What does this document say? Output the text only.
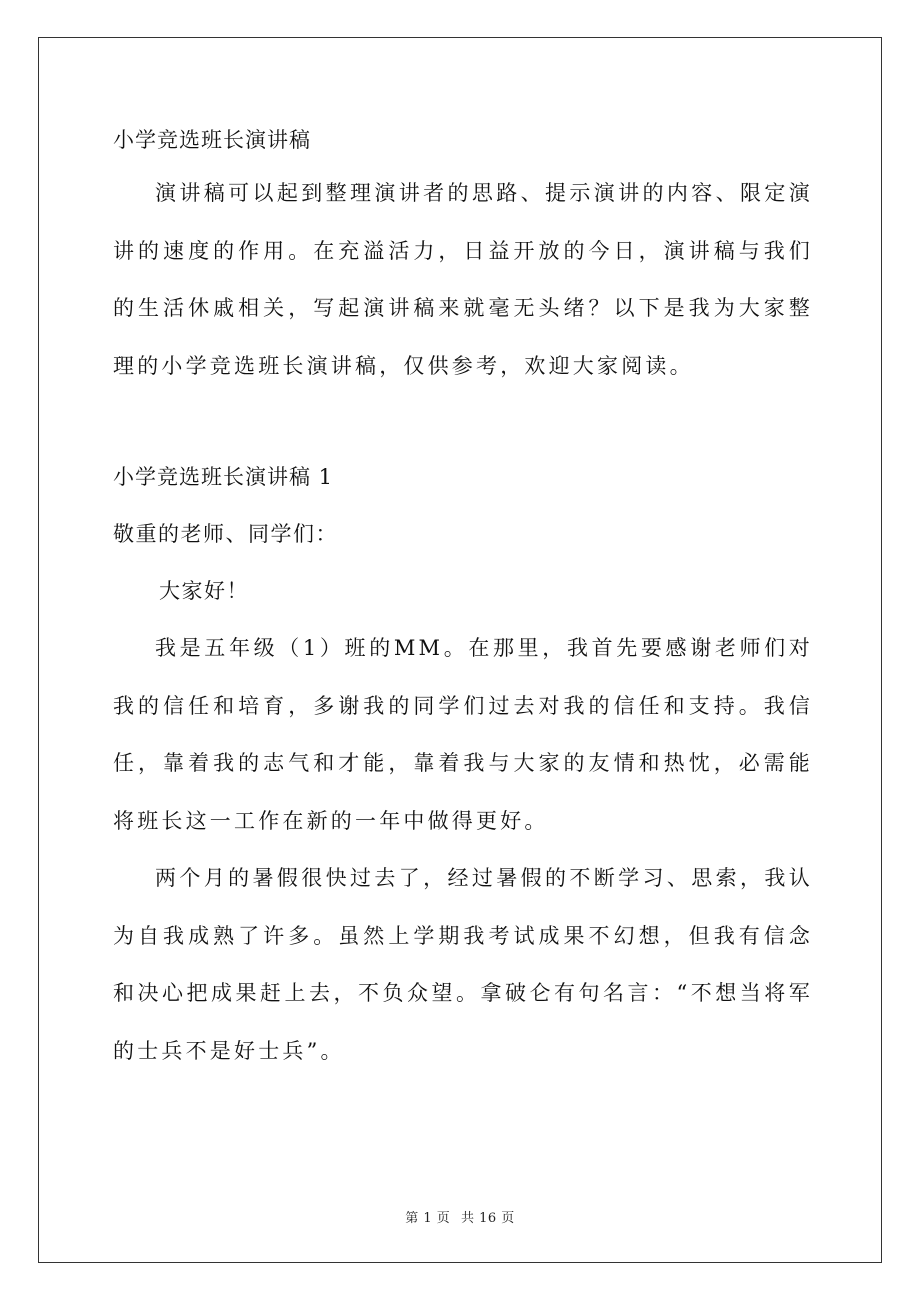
小学竞选班长演讲稿

演讲稿可以起到整理演讲者的思路、提示演讲的内容、限定演讲的速度的作用。在充溢活力，日益开放的今日，演讲稿与我们的生活休戚相关，写起演讲稿来就毫无头绪？以下是我为大家整理的小学竞选班长演讲稿，仅供参考，欢迎大家阅读。

小学竞选班长演讲稿 1
敬重的老师、同学们：
大家好！

我是五年级（1）班的MM。在那里，我首先要感谢老师们对我的信任和培育，多谢我的同学们过去对我的信任和支持。我信任，靠着我的志气和才能，靠着我与大家的友情和热忱，必需能将班长这一工作在新的一年中做得更好。

两个月的暑假很快过去了，经过暑假的不断学习、思索，我认为自我成熟了许多。虽然上学期我考试成果不幻想，但我有信念和决心把成果赶上去，不负众望。拿破仑有句名言：“不想当将军的士兵不是好士兵”。

第 1 页 共 16 页
